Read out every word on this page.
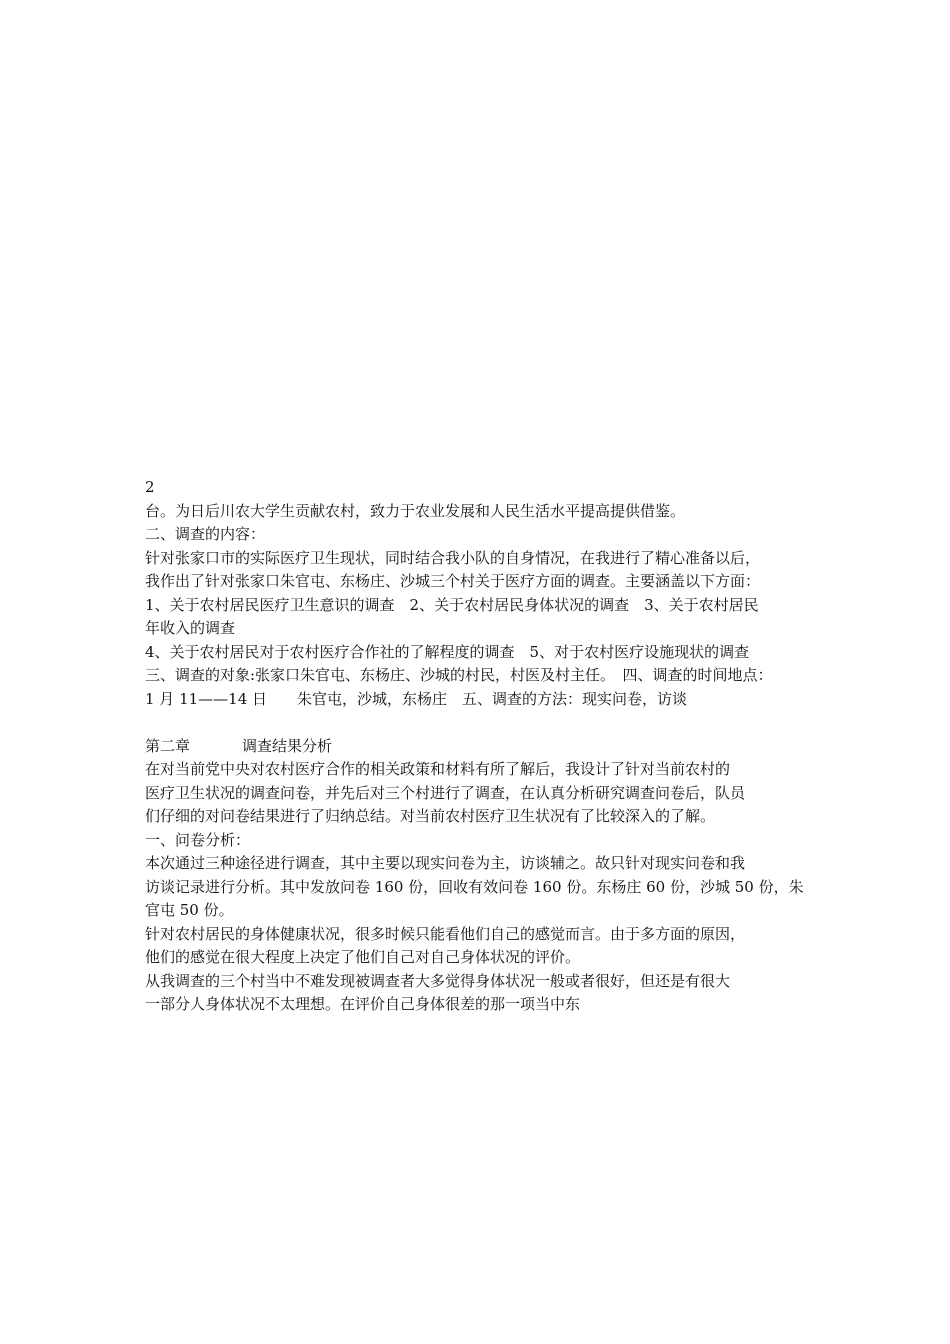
2
台。为日后川农大学生贡献农村，致力于农业发展和人民生活水平提高提供借鉴。
二、调查的内容：
针对张家口市的实际医疗卫生现状，同时结合我小队的自身情况，在我进行了精心准备以后，
我作出了针对张家口朱官屯、东杨庄、沙城三个村关于医疗方面的调查。主要涵盖以下方面：
1、关于农村居民医疗卫生意识的调查　2、关于农村居民身体状况的调查　3、关于农村居民
年收入的调查
4、关于农村居民对于农村医疗合作社的了解程度的调查　5、对于农村医疗设施现状的调查
三、调查的对象:张家口朱官屯、东杨庄、沙城的村民，村医及村主任。　四、调查的时间地点：
1 月 11——14 日　　朱官屯，沙城，东杨庄　五、调查的方法：现实问卷，访谈
第二章	调查结果分析
在对当前党中央对农村医疗合作的相关政策和材料有所了解后，我设计了针对当前农村的
医疗卫生状况的调查问卷，并先后对三个村进行了调查，在认真分析研究调查问卷后，队员
们仔细的对问卷结果进行了归纳总结。对当前农村医疗卫生状况有了比较深入的了解。
一、问卷分析：
本次通过三种途径进行调查，其中主要以现实问卷为主，访谈辅之。故只针对现实问卷和我
访谈记录进行分析。其中发放问卷 160 份，回收有效问卷 160 份。东杨庄 60 份，沙城 50 份，朱
官屯 50 份。
针对农村居民的身体健康状况，很多时候只能看他们自己的感觉而言。由于多方面的原因，
他们的感觉在很大程度上决定了他们自己对自己身体状况的评价。
从我调查的三个村当中不难发现被调查者大多觉得身体状况一般或者很好，但还是有很大
一部分人身体状况不太理想。在评价自己身体很差的那一项当中东
